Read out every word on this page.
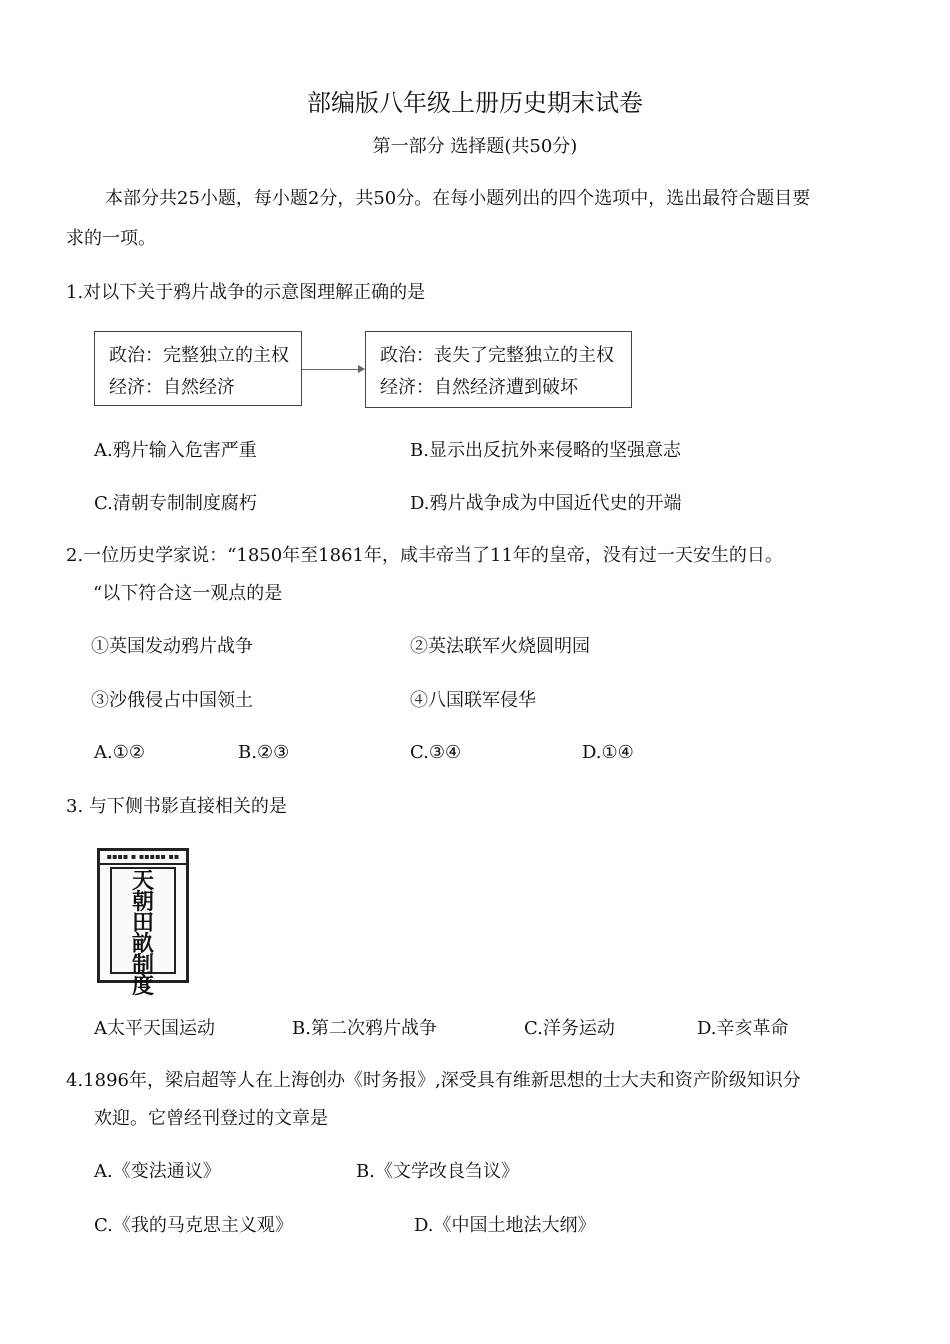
部编版八年级上册历史期末试卷
第一部分 选择题(共50分)
本部分共25小题，每小题2分，共50分。在每小题列出的四个选项中，选出最符合题目要
求的一项。
1.对以下关于鸦片战争的示意图理解正确的是
政治：完整独立的主权
经济：自然经济
政治：丧失了完整独立的主权
经济：自然经济遭到破坏
A.鸦片输入危害严重	B.显示出反抗外来侵略的坚强意志
C.清朝专制制度腐朽	D.鸦片战争成为中国近代史的开端
2.一位历史学家说：“1850年至1861年，咸丰帝当了11年的皇帝，没有过一天安生的日。
“以下符合这一观点的是
①英国发动鸦片战争	②英法联军火烧圆明园
③沙俄侵占中国领土	④八国联军侵华
A.①②	B.②③	C.③④	D.①④
3. 与下侧书影直接相关的是
▪▪▪▪ ▪ ▪▪▪▪▪ ▪▪
天朝田畝制度
A太平天国运动	B.第二次鸦片战争	C.洋务运动	D.辛亥革命
4.1896年，梁启超等人在上海创办《时务报》,深受具有维新思想的士大夫和资产阶级知识分
欢迎。它曾经刊登过的文章是
A.《变法通议》	B.《文学改良刍议》
C.《我的马克思主义观》	D.《中国土地法大纲》
